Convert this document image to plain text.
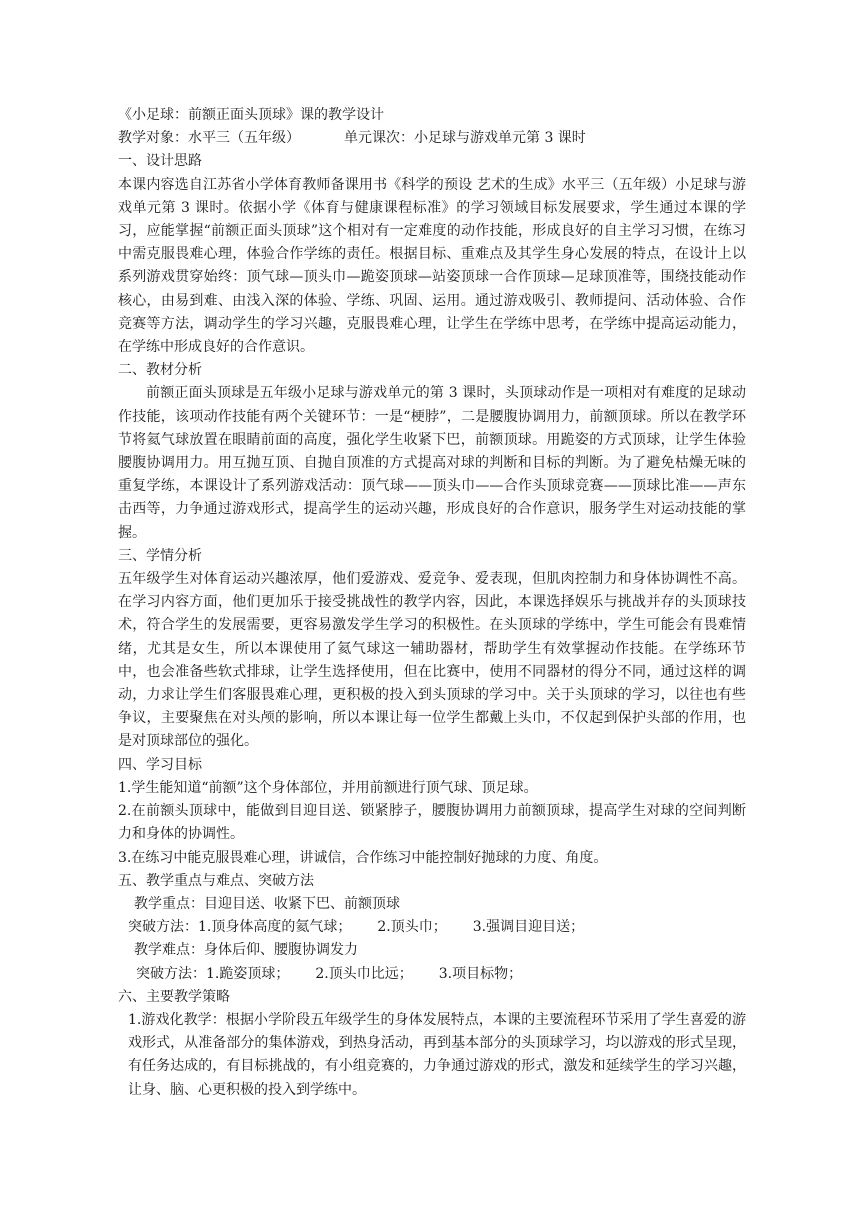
《小足球：前额正面头顶球》课的教学设计

教学对象：水平三（五年级）	单元课次：小足球与游戏单元第 3 课时

一、设计思路

本课内容选自江苏省小学体育教师备课用书《科学的预设 艺术的生成》水平三（五年级）小足球与游戏单元第 3 课时。依据小学《体育与健康课程标准》的学习领域目标发展要求，学生通过本课的学习，应能掌握“前额正面头顶球”这个相对有一定难度的动作技能，形成良好的自主学习习惯，在练习中需克服畏难心理，体验合作学练的责任。根据目标、重难点及其学生身心发展的特点，在设计上以系列游戏贯穿始终：顶气球—顶头巾—跪姿顶球—站姿顶球一合作顶球—足球顶准等，围绕技能动作核心，由易到难、由浅入深的体验、学练、巩固、运用。通过游戏吸引、教师提问、活动体验、合作竞赛等方法，调动学生的学习兴趣，克服畏难心理，让学生在学练中思考，在学练中提高运动能力，在学练中形成良好的合作意识。

二、教材分析

前额正面头顶球是五年级小足球与游戏单元的第 3 课时，头顶球动作是一项相对有难度的足球动作技能，该项动作技能有两个关键环节：一是“梗脖”，二是腰腹协调用力，前额顶球。所以在教学环节将氦气球放置在眼睛前面的高度，强化学生收紧下巴，前额顶球。用跪姿的方式顶球，让学生体验腰腹协调用力。用互抛互顶、自抛自顶准的方式提高对球的判断和目标的判断。为了避免枯燥无味的重复学练，本课设计了系列游戏活动：顶气球——顶头巾——合作头顶球竞赛——顶球比准——声东击西等，力争通过游戏形式，提高学生的运动兴趣，形成良好的合作意识，服务学生对运动技能的掌握。

三、学情分析

五年级学生对体育运动兴趣浓厚，他们爱游戏、爱竞争、爱表现，但肌肉控制力和身体协调性不高。在学习内容方面，他们更加乐于接受挑战性的教学内容，因此，本课选择娱乐与挑战并存的头顶球技术，符合学生的发展需要，更容易激发学生学习的积极性。在头顶球的学练中，学生可能会有畏难情绪，尤其是女生，所以本课使用了氦气球这一辅助器材，帮助学生有效掌握动作技能。在学练环节中，也会准备些软式排球，让学生选择使用，但在比赛中，使用不同器材的得分不同，通过这样的调动，力求让学生们客服畏难心理，更积极的投入到头顶球的学习中。关于头顶球的学习，以往也有些争议，主要聚焦在对头颅的影响，所以本课让每一位学生都戴上头巾，不仅起到保护头部的作用，也是对顶球部位的强化。

四、学习目标

1.学生能知道“前额”这个身体部位，并用前额进行顶气球、顶足球。

2.在前额头顶球中，能做到目迎目送、锁紧脖子，腰腹协调用力前额顶球，提高学生对球的空间判断力和身体的协调性。

3.在练习中能克服畏难心理，讲诚信，合作练习中能控制好抛球的力度、角度。

五、教学重点与难点、突破方法

教学重点：目迎目送、收紧下巴、前额顶球

突破方法：1.顶身体高度的氦气球； 2.顶头巾； 3.强调目迎目送；

教学难点：身体后仰、腰腹协调发力

突破方法：1.跪姿顶球； 2.顶头巾比远； 3.项目标物；

六、主要教学策略

1.游戏化教学：根据小学阶段五年级学生的身体发展特点，本课的主要流程环节采用了学生喜爱的游戏形式，从准备部分的集体游戏，到热身活动，再到基本部分的头顶球学习，均以游戏的形式呈现，有任务达成的，有目标挑战的，有小组竞赛的，力争通过游戏的形式，激发和延续学生的学习兴趣，让身、脑、心更积极的投入到学练中。
